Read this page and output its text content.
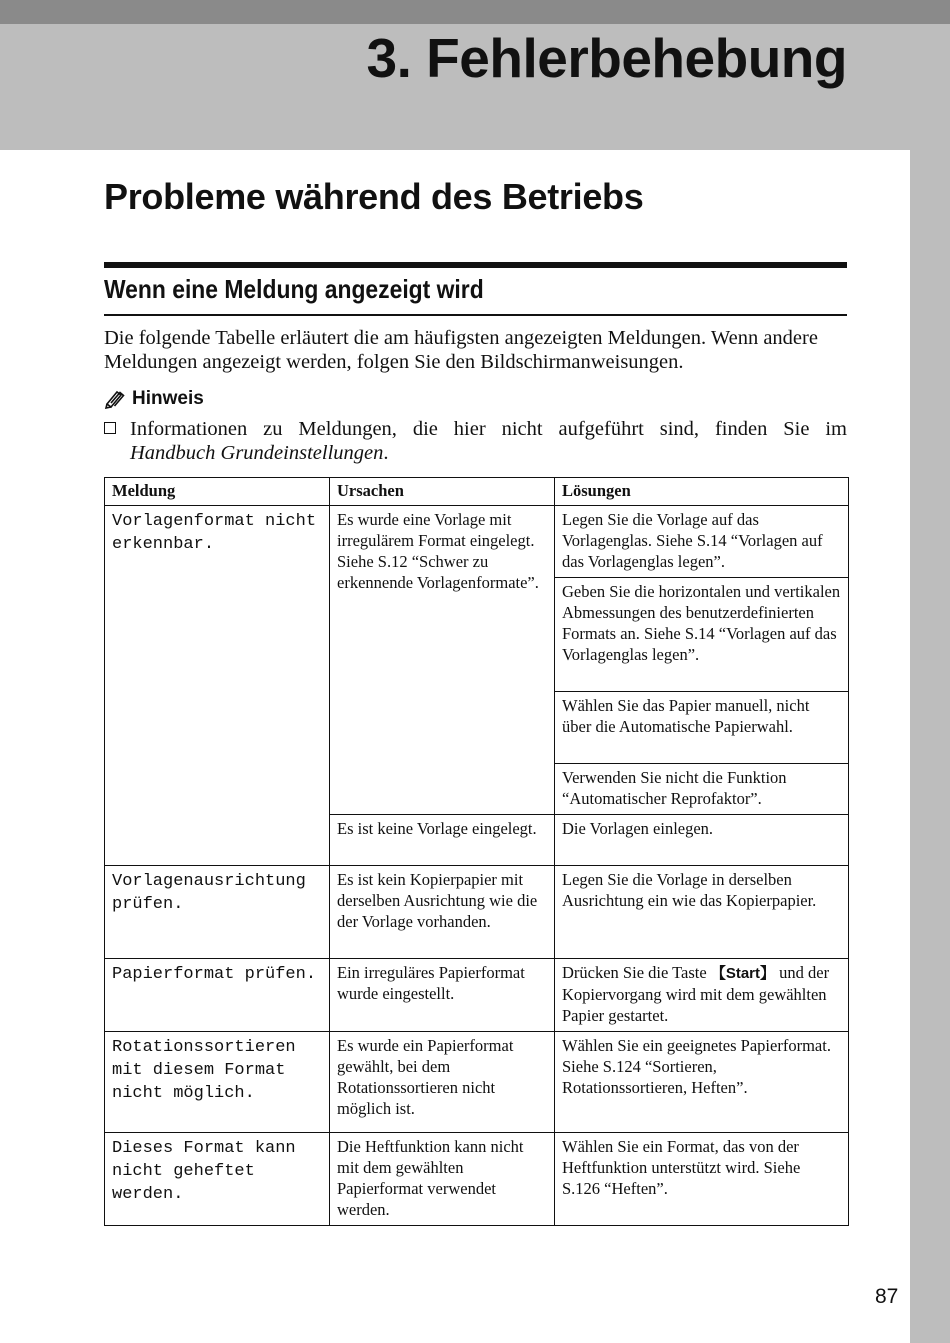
3. Fehlerbehebung
Probleme während des Betriebs
Wenn eine Meldung angezeigt wird
Die folgende Tabelle erläutert die am häufigsten angezeigten Meldungen. Wenn andere Meldungen angezeigt werden, folgen Sie den Bildschirmanweisungen.
Hinweis
Informationen zu Meldungen, die hier nicht aufgeführt sind, finden Sie im
Handbuch Grundeinstellungen.
Meldung	Ursachen	Lösungen
Vorlagenformat nicht erkennbar.	Es wurde eine Vorlage mit irregulärem Format eingelegt. Siehe S.12 “Schwer zu erkennende Vorlagenformate”.	Legen Sie die Vorlage auf das Vorlagenglas. Siehe S.14 “Vorlagen auf das Vorlagenglas legen”.
		Geben Sie die horizontalen und vertikalen Abmessungen des benutzerdefinierten Formats an. Siehe S.14 “Vorlagen auf das Vorlagenglas legen”.
		Wählen Sie das Papier manuell, nicht über die Automatische Papierwahl.
		Verwenden Sie nicht die Funktion “Automatischer Reprofaktor”.
	Es ist keine Vorlage eingelegt.	Die Vorlagen einlegen.
Vorlagenausrichtung prüfen.	Es ist kein Kopierpapier mit derselben Ausrichtung wie die der Vorlage vorhanden.	Legen Sie die Vorlage in derselben Ausrichtung ein wie das Kopierpapier.
Papierformat prüfen.	Ein irreguläres Papierformat wurde eingestellt.	Drücken Sie die Taste 【Start】 und der Kopiervorgang wird mit dem gewählten Papier gestartet.
Rotationssortieren mit diesem Format nicht möglich.	Es wurde ein Papierformat gewählt, bei dem Rotationssortieren nicht möglich ist.	Wählen Sie ein geeignetes Papierformat. Siehe S.124 “Sortieren, Rotationssortieren, Heften”.
Dieses Format kann nicht geheftet werden.	Die Heftfunktion kann nicht mit dem gewählten Papierformat verwendet werden.	Wählen Sie ein Format, das von der Heftfunktion unterstützt wird. Siehe S.126 “Heften”.
87
